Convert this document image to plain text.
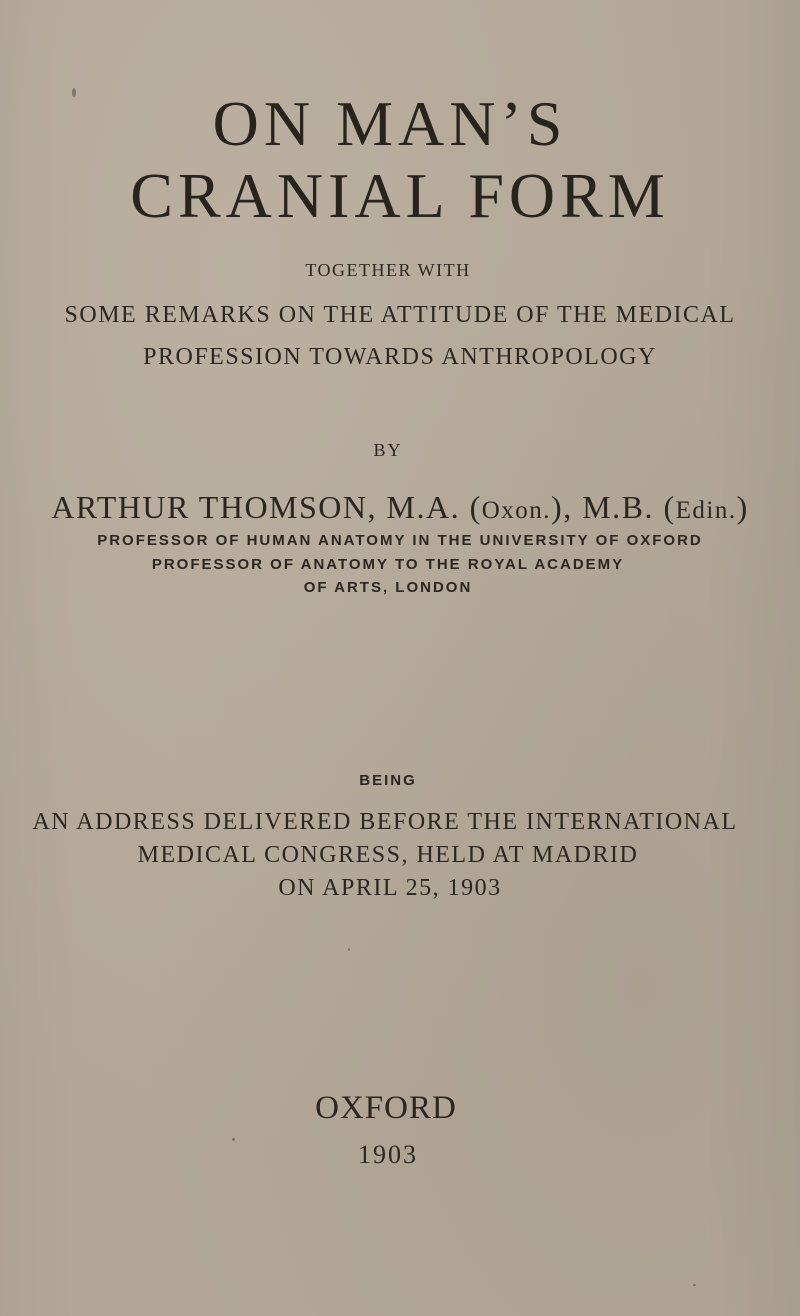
ON MAN’S
CRANIAL FORM
TOGETHER WITH
SOME REMARKS ON THE ATTITUDE OF THE MEDICAL
PROFESSION TOWARDS ANTHROPOLOGY
BY
ARTHUR THOMSON, M.A. (Oxon.), M.B. (Edin.)
PROFESSOR OF HUMAN ANATOMY IN THE UNIVERSITY OF OXFORD
PROFESSOR OF ANATOMY TO THE ROYAL ACADEMY
OF ARTS, LONDON
BEING
AN ADDRESS DELIVERED BEFORE THE INTERNATIONAL
MEDICAL CONGRESS, HELD AT MADRID
ON APRIL 25, 1903
OXFORD
1903
